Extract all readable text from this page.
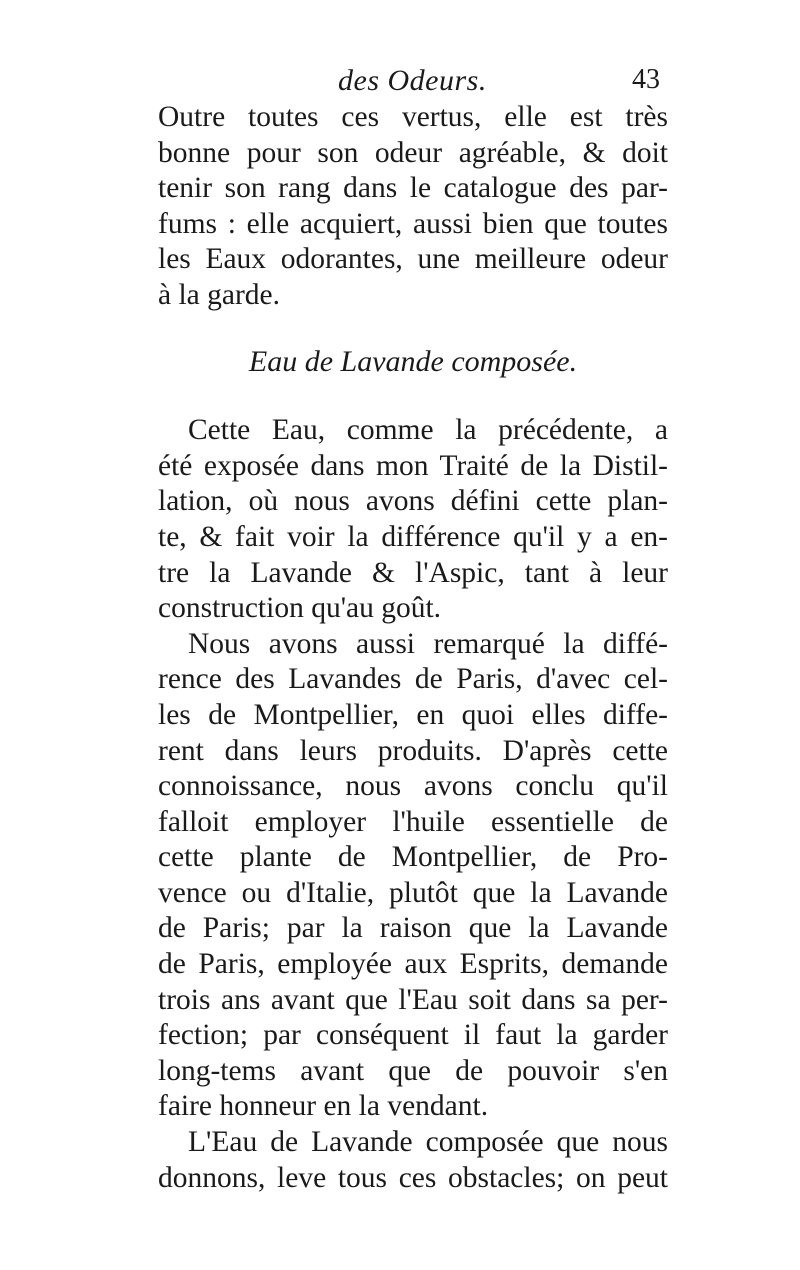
des Odeurs.	43
Outre toutes ces vertus, elle est très
bonne pour son odeur agréable, & doit
tenir son rang dans le catalogue des par-
fums : elle acquiert, aussi bien que toutes
les Eaux odorantes, une meilleure odeur
à la garde.
Eau de Lavande composée.
Cette Eau, comme la précédente, a
été exposée dans mon Traité de la Distil-
lation, où nous avons défini cette plan-
te, & fait voir la différence qu'il y a en-
tre la Lavande & l'Aspic, tant à leur
construction qu'au goût.
Nous avons aussi remarqué la diffé-
rence des Lavandes de Paris, d'avec cel-
les de Montpellier, en quoi elles diffe-
rent dans leurs produits. D'après cette
connoissance, nous avons conclu qu'il
falloit employer l'huile essentielle de
cette plante de Montpellier, de Pro-
vence ou d'Italie, plutôt que la Lavande
de Paris; par la raison que la Lavande
de Paris, employée aux Esprits, demande
trois ans avant que l'Eau soit dans sa per-
fection; par conséquent il faut la garder
long-tems avant que de pouvoir s'en
faire honneur en la vendant.
L'Eau de Lavande composée que nous
donnons, leve tous ces obstacles; on peut
